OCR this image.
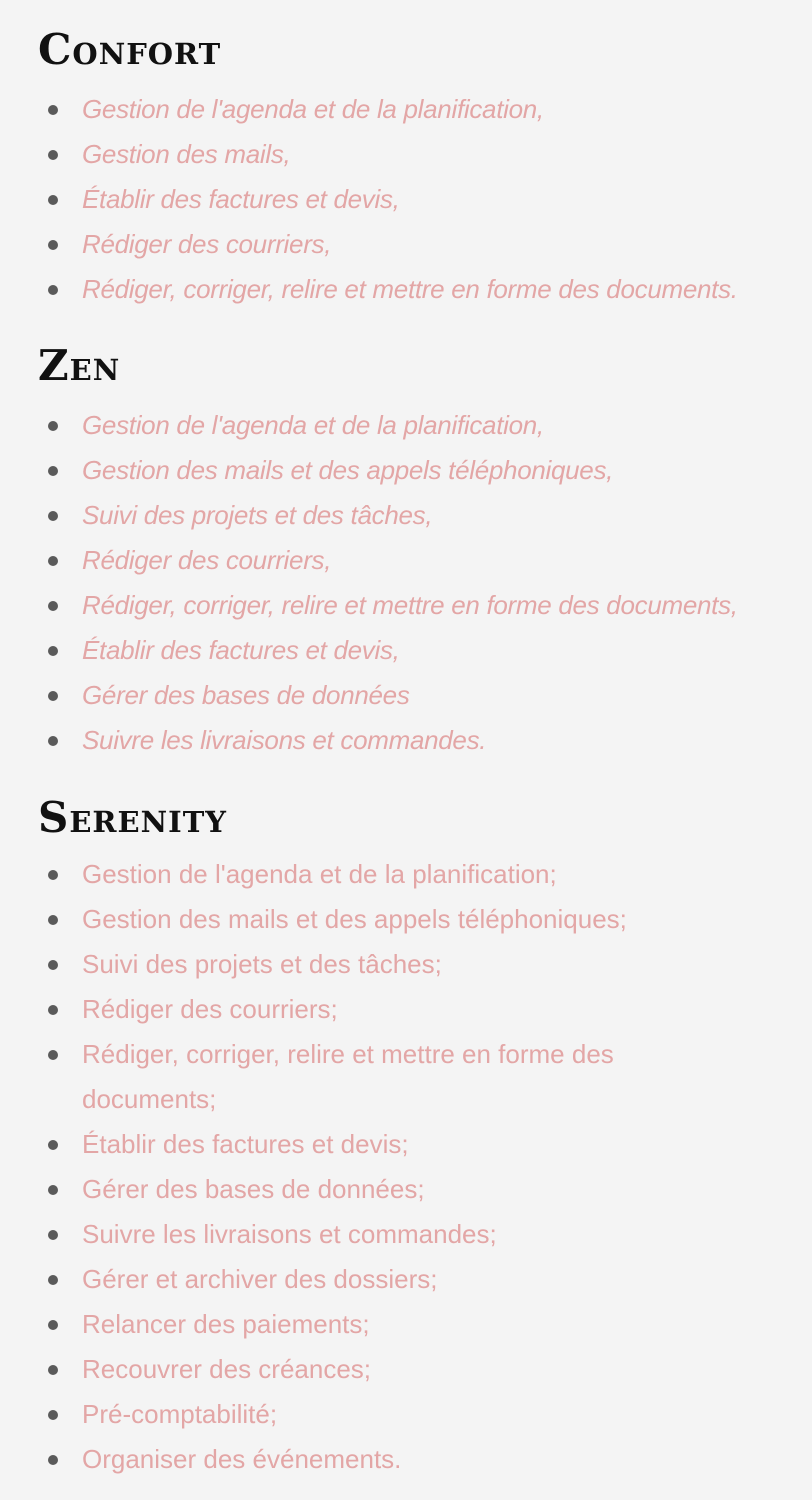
Confort
Gestion de l'agenda et de la planification,
Gestion des mails,
Établir des factures et devis,
Rédiger des courriers,
Rédiger, corriger, relire et mettre en forme des documents.
Zen
Gestion de l'agenda et de la planification,
Gestion des mails et des appels téléphoniques,
Suivi des projets et des tâches,
Rédiger des courriers,
Rédiger, corriger, relire et mettre en forme des documents,
Établir des factures et devis,
Gérer des bases de données
Suivre les livraisons et commandes.
Serenity
Gestion de l'agenda et de la planification;
Gestion des mails et des appels téléphoniques;
Suivi des projets et des tâches;
Rédiger des courriers;
Rédiger, corriger, relire et mettre en forme des documents;
Établir des factures et devis;
Gérer des bases de données;
Suivre les livraisons et commandes;
Gérer et archiver des dossiers;
Relancer des paiements;
Recouvrer des créances;
Pré-comptabilité;
Organiser des événements.
